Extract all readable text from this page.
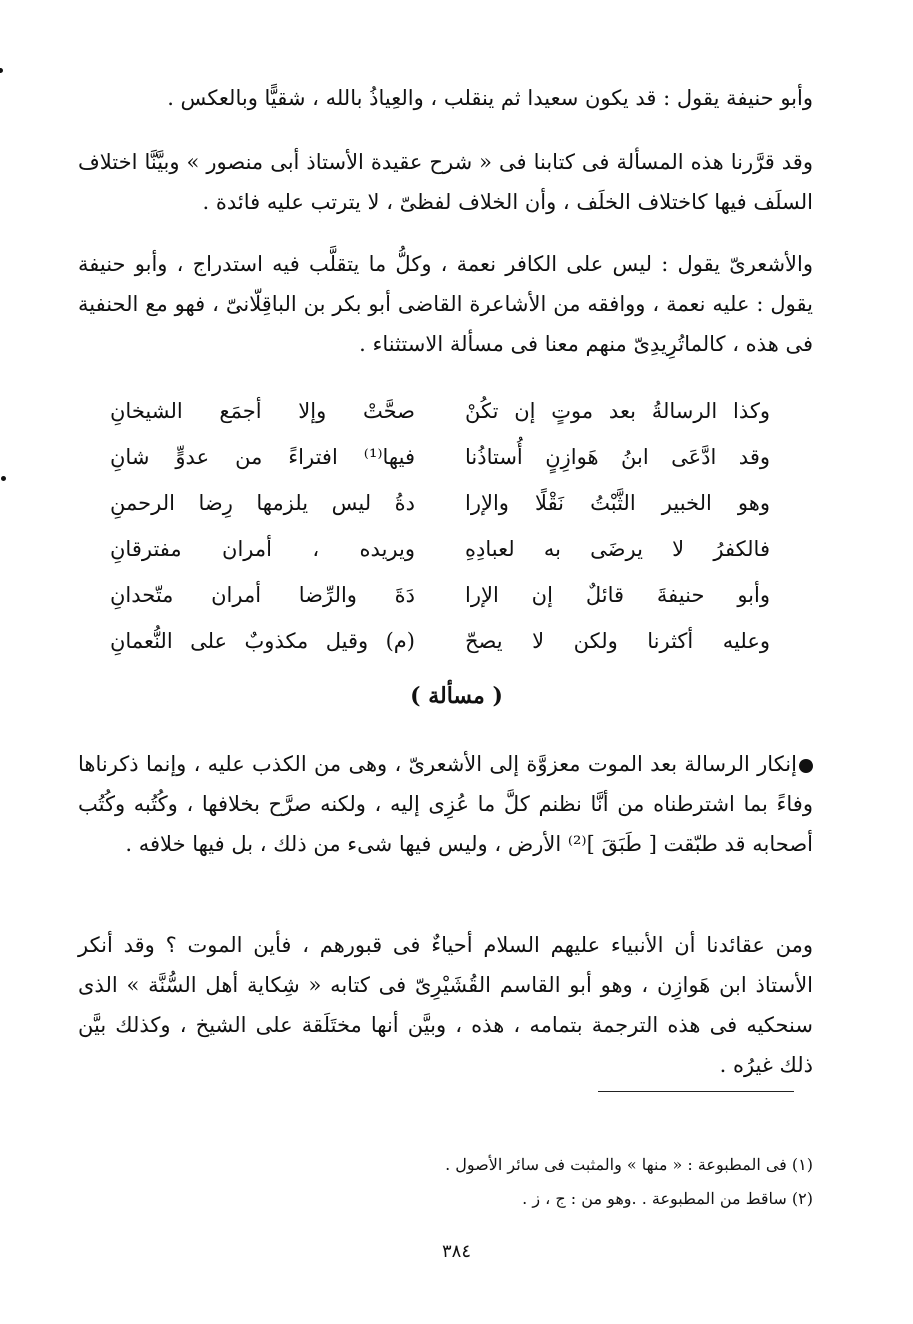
وأبو حنيفة يقول : قد يكون سعيدا ثم ينقلب ، والعِياذُ بالله ، شقيًّا وبالعكس .
وقد قرَّرنا هذه المسألة فى كتابنا فى « شرح عقيدة الأستاذ أبى منصور » وبيَّنَّا اختلاف السلَف فيها كاختلاف الخلَف ، وأن الخلاف لفظىّ ، لا يترتب عليه فائدة .
والأشعرىّ يقول : ليس على الكافر نعمة ، وكلُّ ما يتقلَّب فيه استدراج ، وأبو حنيفة يقول : عليه نعمة ، ووافقه من الأشاعرة القاضى أبو بكر بن الباقِلّانىّ ، فهو مع الحنفية فى هذه ، كالماتُرِيدِىّ منهم معنا فى مسألة الاستثناء .
وكذا الرسالةُ بعد موتٍ إن تكُنْ
صحَّتْ وإلا أجمَع الشيخانِ
وقد ادَّعَى ابنُ هَوازِنٍ أُستاذُنا
فيها⁽¹⁾ افتراءً من عدوٍّ شانِ
وهو الخبير الثَّبْتُ نَقْلًا والإرا
دةُ ليس يلزمها رِضا الرحمنِ
فالكفرُ لا يرضَى به لعبادِهِ
ويريده ، أمران مفترقانِ
وأبو حنيفةَ قائلٌ إن الإرا
دَةَ والرِّضا أمران متّحدانِ
وعليه أكثرنا ولكن لا يصحّ
(م) وقيل مكذوبٌ على النُّعمانِ
( مسألة )
إنكار الرسالة بعد الموت معزوَّة إلى الأشعرىّ ، وهى من الكذب عليه ، وإنما ذكرناها وفاءً بما اشترطناه من أنَّا نظنم كلَّ ما عُزِى إليه ، ولكنه صرَّح بخلافها ، وكُتُبه وكُتُب أصحابه قد طبّقت [ طَبَقَ ]⁽²⁾ الأرض ، وليس فيها شىء من ذلك ، بل فيها خلافه .
ومن عقائدنا أن الأنبياء عليهم السلام أحياءٌ فى قبورهم ، فأين الموت ؟ وقد أنكر الأستاذ ابن هَوازِن ، وهو أبو القاسم القُشَيْرِىّ فى كتابه « شِكاية أهل السُّنَّة » الذى سنحكيه فى هذه الترجمة بتمامه ، هذه ، وبيَّن أنها مختَلَقة على الشيخ ، وكذلك بيَّن ذلك غيرُه .
(١) فى المطبوعة : « منها » والمثبت فى سائر الأصول .
(٢) ساقط من المطبوعة . .وهو من : ج ، ز .
٣٨٤
